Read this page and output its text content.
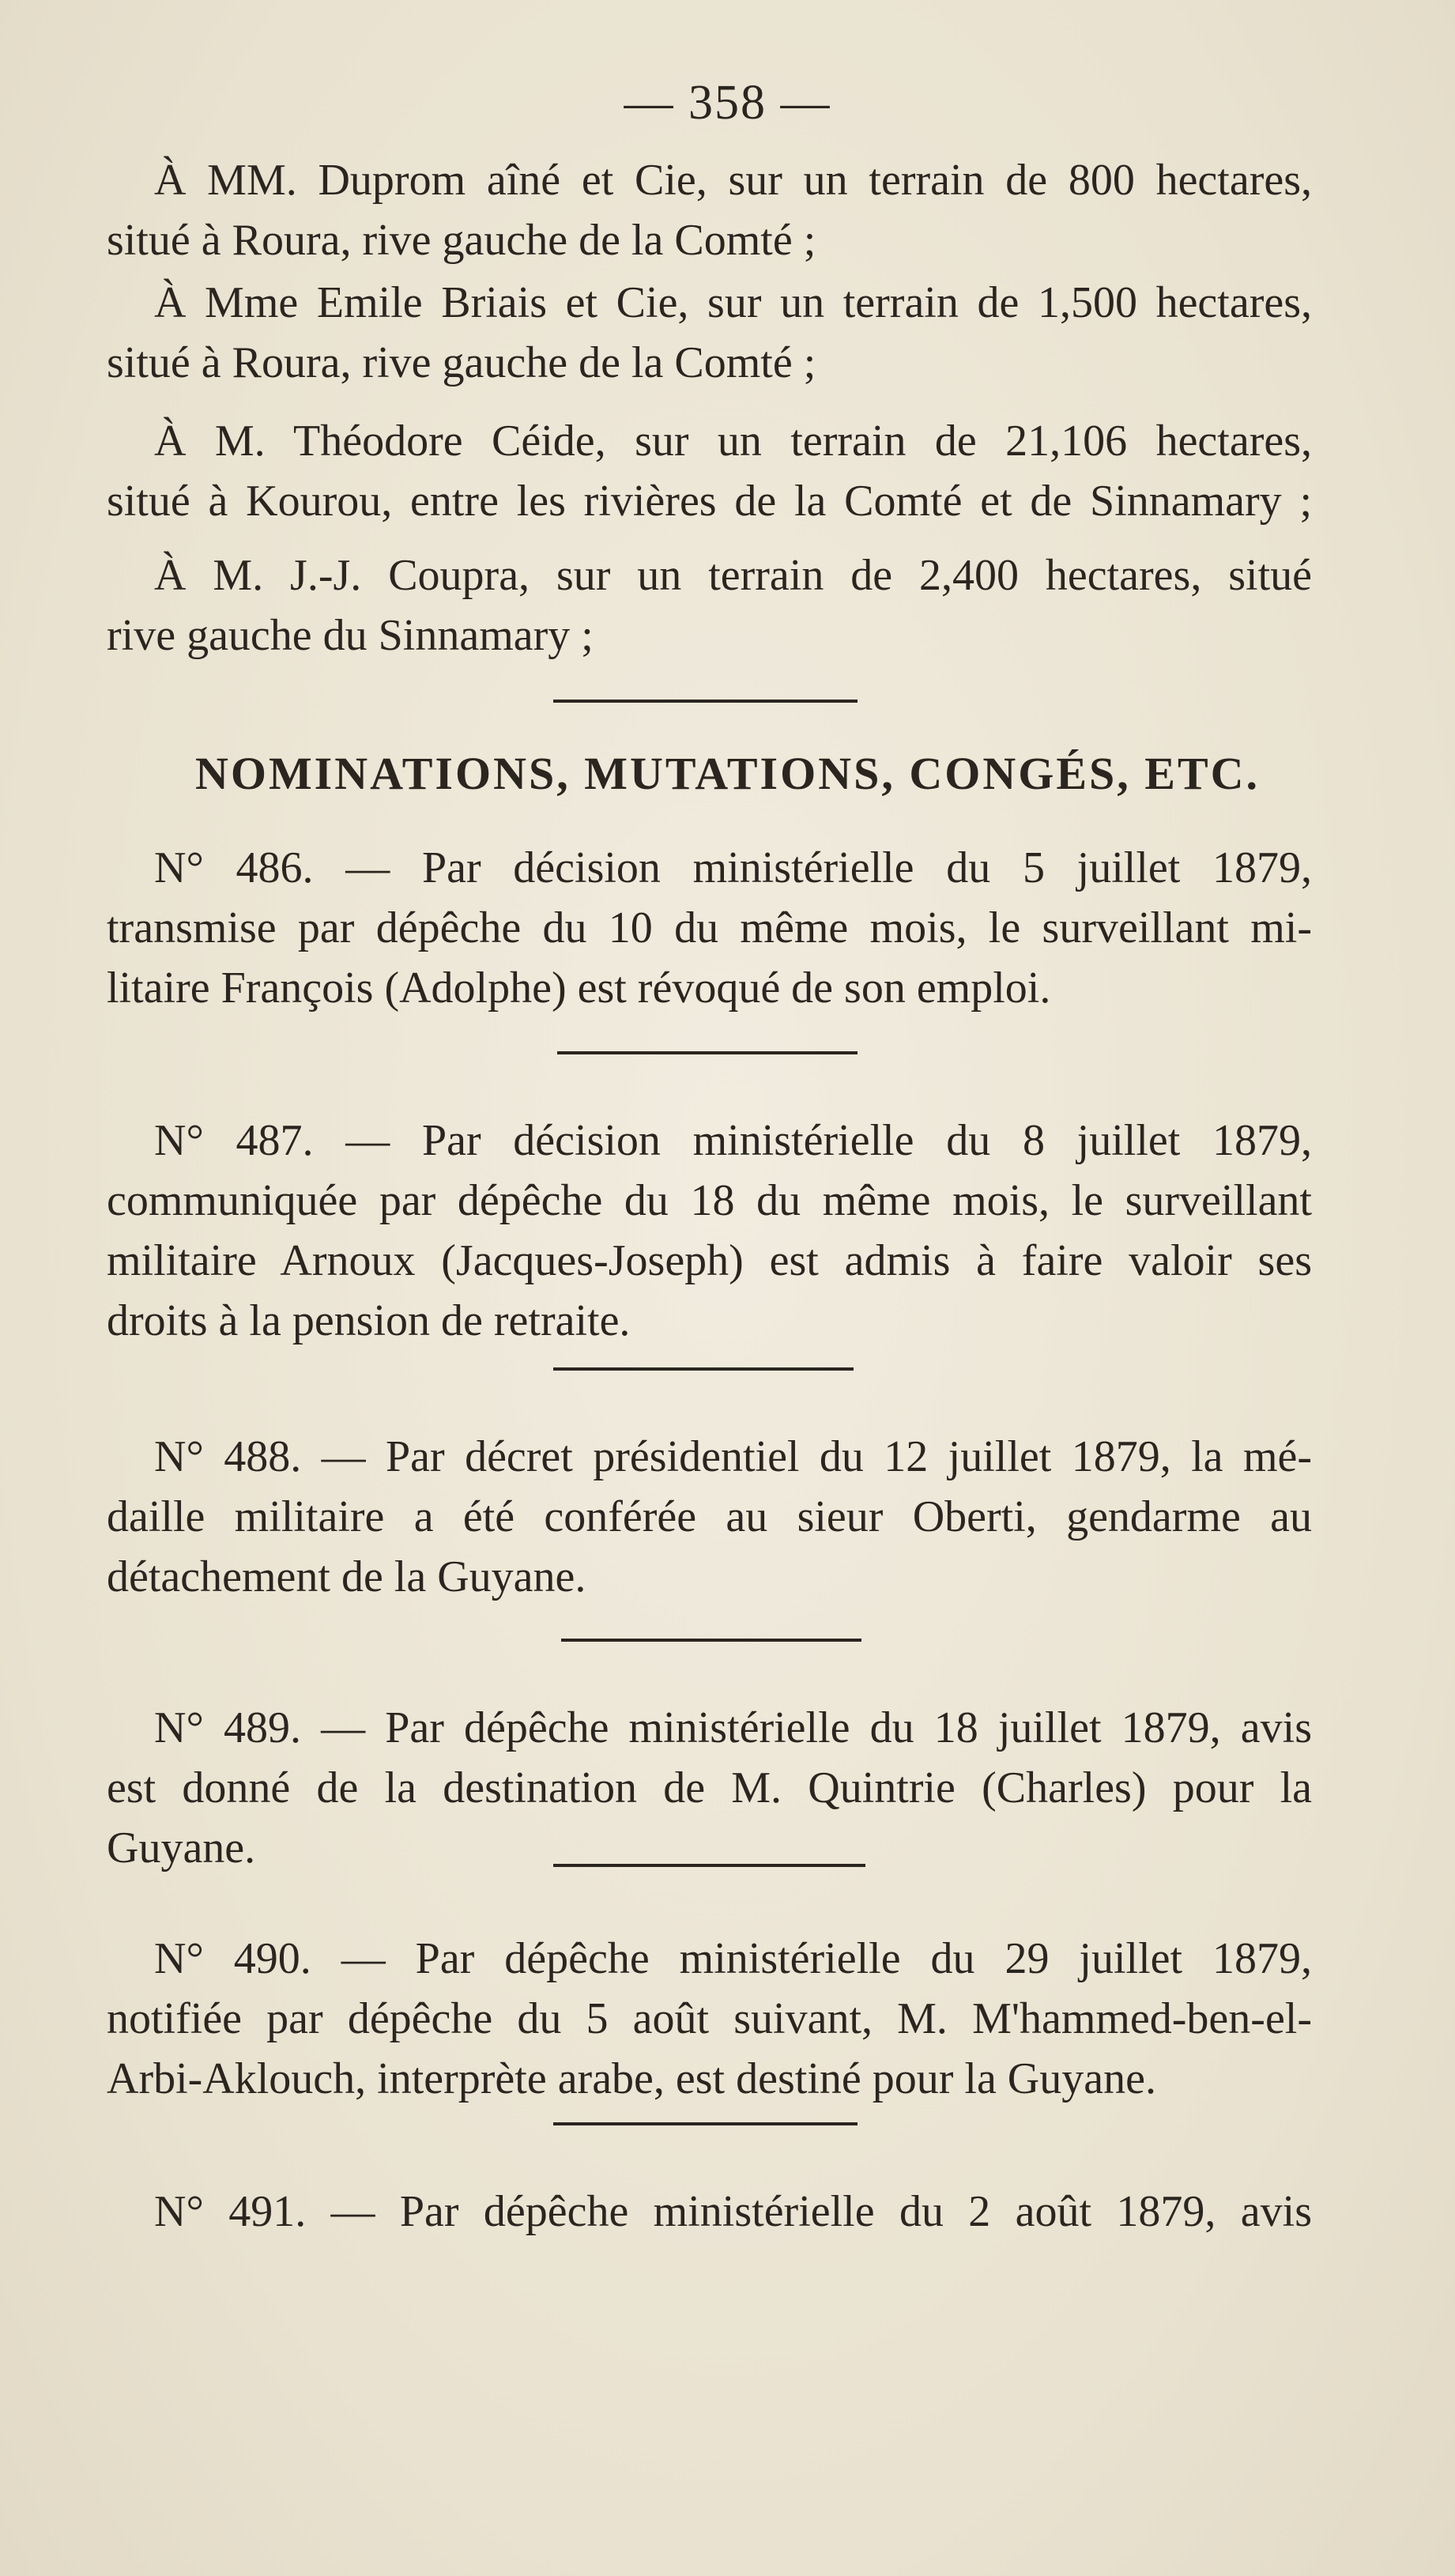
— 358 —
À MM. Duprom aîné et Cie, sur un terrain de 800 hectares,
situé à Roura, rive gauche de la Comté ;
À Mme Emile Briais et Cie, sur un terrain de 1,500 hectares,
situé à Roura, rive gauche de la Comté ;
À M. Théodore Céide, sur un terrain de 21,106 hectares,
situé à Kourou, entre les rivières de la Comté et de Sinnamary ;
À M. J.-J. Coupra, sur un terrain de 2,400 hectares, situé
rive gauche du Sinnamary ;
NOMINATIONS, MUTATIONS, CONGÉS, ETC.
N° 486. — Par décision ministérielle du 5 juillet 1879,
transmise par dépêche du 10 du même mois, le surveillant mi-
litaire François (Adolphe) est révoqué de son emploi.
N° 487. — Par décision ministérielle du 8 juillet 1879,
communiquée par dépêche du 18 du même mois, le surveillant
militaire Arnoux (Jacques-Joseph) est admis à faire valoir ses
droits à la pension de retraite.
N° 488. — Par décret présidentiel du 12 juillet 1879, la mé-
daille militaire a été conférée au sieur Oberti, gendarme au
détachement de la Guyane.
N° 489. — Par dépêche ministérielle du 18 juillet 1879, avis
est donné de la destination de M. Quintrie (Charles) pour la
Guyane.
N° 490. — Par dépêche ministérielle du 29 juillet 1879,
notifiée par dépêche du 5 août suivant, M. M'hammed-ben-el-
Arbi-Aklouch, interprète arabe, est destiné pour la Guyane.
N° 491. — Par dépêche ministérielle du 2 août 1879, avis
